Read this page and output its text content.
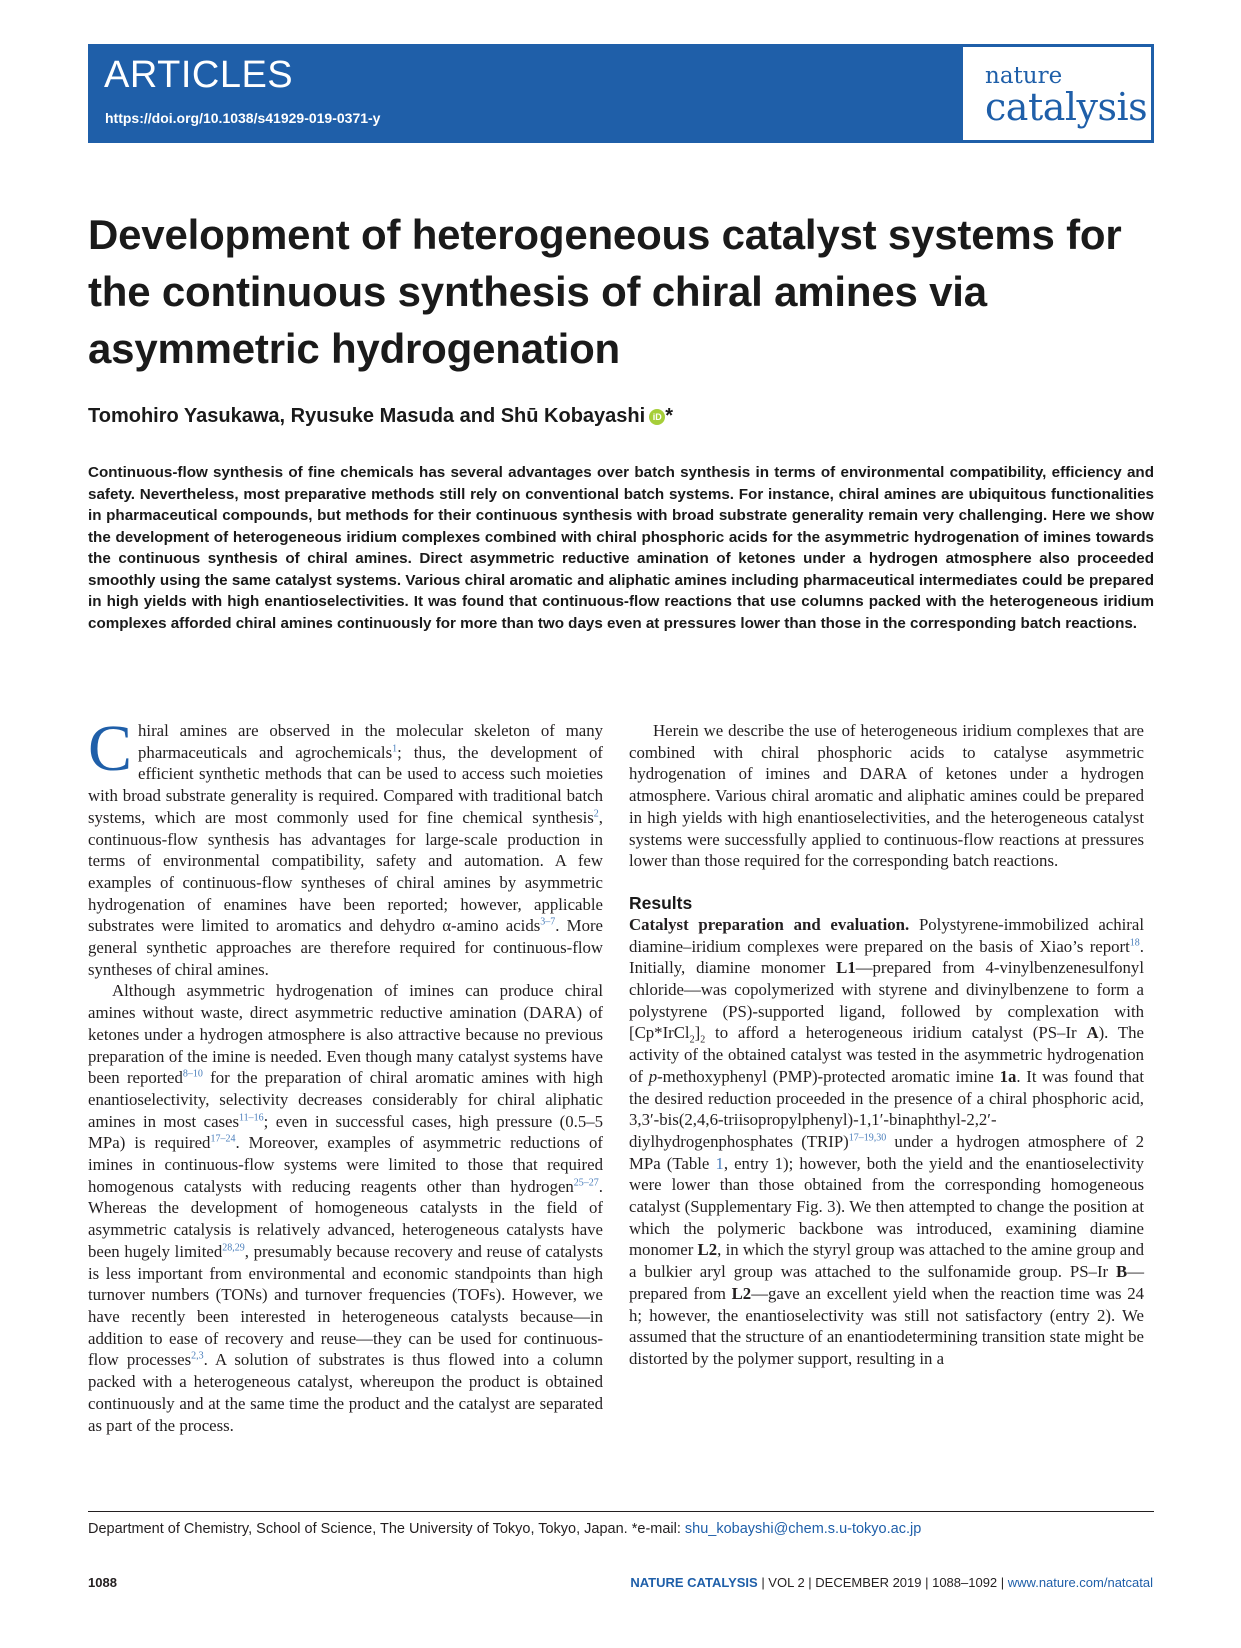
ARTICLES
https://doi.org/10.1038/s41929-019-0371-y
nature
catalysis
Development of heterogeneous catalyst systems for the continuous synthesis of chiral amines via asymmetric hydrogenation
Tomohiro Yasukawa, Ryusuke Masuda and Shū Kobayashi iD *

Continuous-flow synthesis of fine chemicals has several advantages over batch synthesis in terms of environmental compatibility, efficiency and safety. Nevertheless, most preparative methods still rely on conventional batch systems. For instance, chiral amines are ubiquitous functionalities in pharmaceutical compounds, but methods for their continuous synthesis with broad substrate generality remain very challenging. Here we show the development of heterogeneous iridium complexes combined with chiral phosphoric acids for the asymmetric hydrogenation of imines towards the continuous synthesis of chiral amines. Direct asymmetric reductive amination of ketones under a hydrogen atmosphere also proceeded smoothly using the same catalyst systems. Various chiral aromatic and aliphatic amines including pharmaceutical intermediates could be prepared in high yields with high enantioselectivities. It was found that continuous-flow reactions that use columns packed with the heterogeneous iridium complexes afforded chiral amines continuously for more than two days even at pressures lower than those in the corresponding batch reactions.

Chiral amines are observed in the molecular skeleton of many pharmaceuticals and agrochemicals$^1$; thus, the development of efficient synthetic methods that can be used to access such moieties with broad substrate generality is required. Compared with traditional batch systems, which are most commonly used for fine chemical synthesis$^2$, continuous-flow synthesis has advantages for large-scale production in terms of environmental compatibility, safety and automation. A few examples of continuous-flow syntheses of chiral amines by asymmetric hydrogenation of enamines have been reported; however, applicable substrates were limited to aromatics and dehydro α-amino acids$^{3-7}$. More general synthetic approaches are therefore required for continuous-flow syntheses of chiral amines.

Although asymmetric hydrogenation of imines can produce chiral amines without waste, direct asymmetric reductive amination (DARA) of ketones under a hydrogen atmosphere is also attractive because no previous preparation of the imine is needed. Even though many catalyst systems have been reported$^{8-10}$ for the preparation of chiral aromatic amines with high enantioselectivity, selectivity decreases considerably for chiral aliphatic amines in most cases$^{11-16}$; even in successful cases, high pressure (0.5–5 MPa) is required$^{17-24}$. Moreover, examples of asymmetric reductions of imines in continuous-flow systems were limited to those that required homogenous catalysts with reducing reagents other than hydrogen$^{25-27}$. Whereas the development of homogeneous catalysts in the field of asymmetric catalysis is relatively advanced, heterogeneous catalysts have been hugely limited$^{28,29}$, presumably because recovery and reuse of catalysts is less important from environmental and economic standpoints than high turnover numbers (TONs) and turnover frequencies (TOFs). However, we have recently been interested in heterogeneous catalysts because—in addition to ease of recovery and reuse—they can be used for continuous-flow processes$^{2,3}$. A solution of substrates is thus flowed into a column packed with a heterogeneous catalyst, whereupon the product is obtained continuously and at the same time the product and the catalyst are separated as part of the process.

Herein we describe the use of heterogeneous iridium complexes that are combined with chiral phosphoric acids to catalyse asymmetric hydrogenation of imines and DARA of ketones under a hydrogen atmosphere. Various chiral aromatic and aliphatic amines could be prepared in high yields with high enantioselectivities, and the heterogeneous catalyst systems were successfully applied to continuous-flow reactions at pressures lower than those required for the corresponding batch reactions.

Results

Catalyst preparation and evaluation. Polystyrene-immobilized achiral diamine–iridium complexes were prepared on the basis of Xiao’s report$^{18}$. Initially, diamine monomer L1—prepared from 4-vinylbenzenesulfonyl chloride—was copolymerized with styrene and divinylbenzene to form a polystyrene (PS)-supported ligand, followed by complexation with $[Cp*IrCl_2]_2$ to afford a heterogeneous iridium catalyst (PS–Ir A). The activity of the obtained catalyst was tested in the asymmetric hydrogenation of p-methoxyphenyl (PMP)-protected aromatic imine 1a. It was found that the desired reduction proceeded in the presence of a chiral phosphoric acid, 3,3′-bis(2,4,6-triisopropylphenyl)-1,1′-binaphthyl-2,2′-diylhydrogenphosphates (TRIP)$^{17-19,30}$ under a hydrogen atmosphere of 2 MPa (Table 1, entry 1); however, both the yield and the enantioselectivity were lower than those obtained from the corresponding homogeneous catalyst (Supplementary Fig. 3). We then attempted to change the position at which the polymeric backbone was introduced, examining diamine monomer L2, in which the styryl group was attached to the amine group and a bulkier aryl group was attached to the sulfonamide group. PS–Ir B—prepared from L2—gave an excellent yield when the reaction time was 24 h; however, the enantioselectivity was still not satisfactory (entry 2). We assumed that the structure of an enantiodetermining transition state might be distorted by the polymer support, resulting in a

Department of Chemistry, School of Science, The University of Tokyo, Tokyo, Japan. *e-mail: shu_kobayshi@chem.s.u-tokyo.ac.jp
1088	NATURE CATALYSIS | VOL 2 | DECEMBER 2019 | 1088–1092 | www.nature.com/natcatal
